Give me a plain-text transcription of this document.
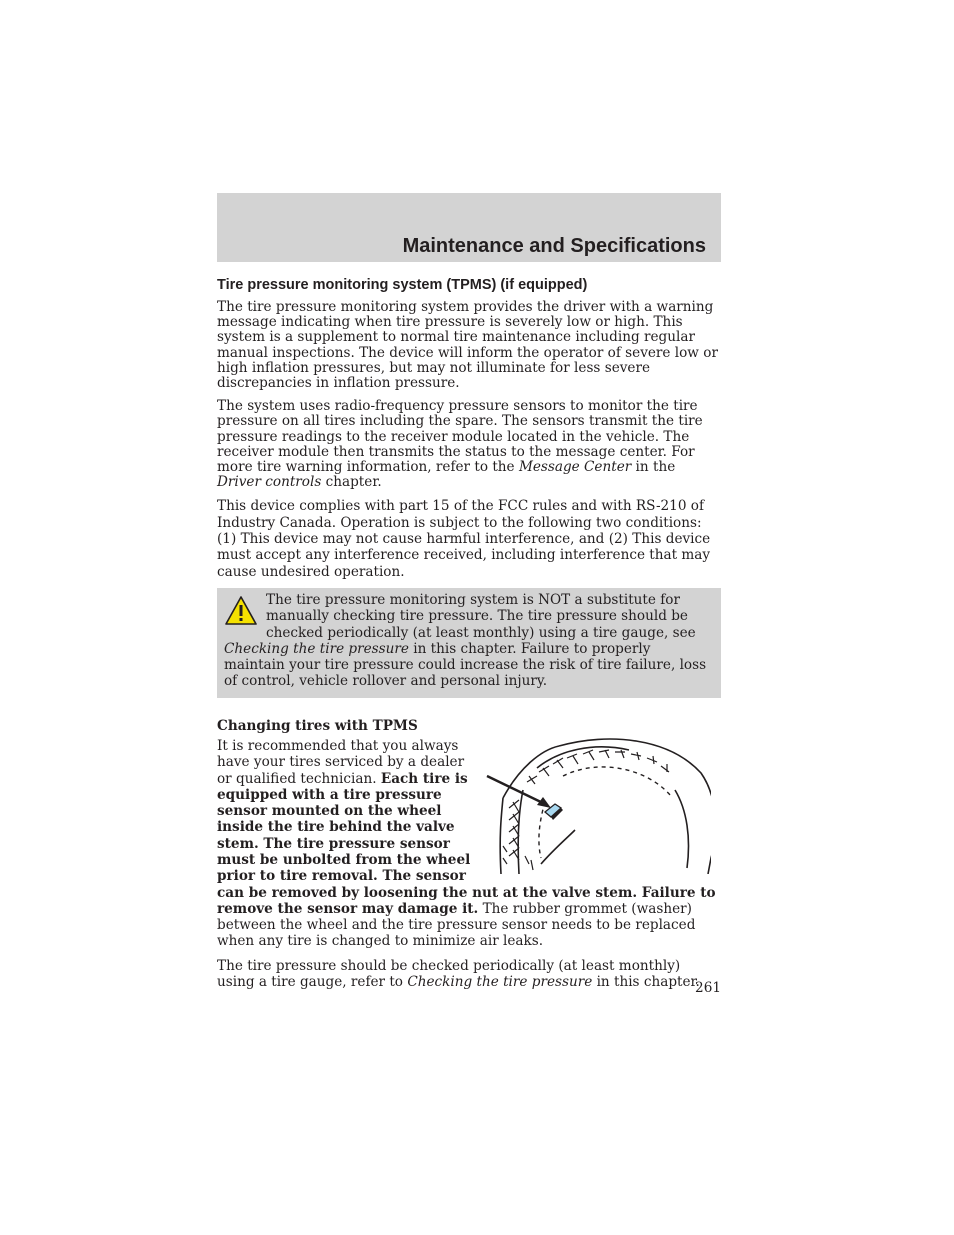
Maintenance and Specifications
Tire pressure monitoring system (TPMS) (if equipped)

The tire pressure monitoring system provides the driver with a warning message indicating when tire pressure is severely low or high. This system is a supplement to normal tire maintenance including regular manual inspections. The device will inform the operator of severe low or high inflation pressures, but may not illuminate for less severe discrepancies in inflation pressure.

The system uses radio-frequency pressure sensors to monitor the tire pressure on all tires including the spare. The sensors transmit the tire pressure readings to the receiver module located in the vehicle. The receiver module then transmits the status to the message center. For more tire warning information, refer to the Message Center in the Driver controls chapter.

This device complies with part 15 of the FCC rules and with RS-210 of Industry Canada. Operation is subject to the following two conditions: (1) This device may not cause harmful interference, and (2) This device must accept any interference received, including interference that may cause undesired operation.

The tire pressure monitoring system is NOT a substitute for manually checking tire pressure. The tire pressure should be checked periodically (at least monthly) using a tire gauge, see Checking the tire pressure in this chapter. Failure to properly maintain your tire pressure could increase the risk of tire failure, loss of control, vehicle rollover and personal injury.

Changing tires with TPMS

It is recommended that you always have your tires serviced by a dealer or qualified technician. Each tire is equipped with a tire pressure sensor mounted on the wheel inside the tire behind the valve stem. The tire pressure sensor must be unbolted from the wheel prior to tire removal. The sensor can be removed by loosening the nut at the valve stem. Failure to remove the sensor may damage it. The rubber grommet (washer) between the wheel and the tire pressure sensor needs to be replaced when any tire is changed to minimize air leaks.

The tire pressure should be checked periodically (at least monthly) using a tire gauge, refer to Checking the tire pressure in this chapter.

261
